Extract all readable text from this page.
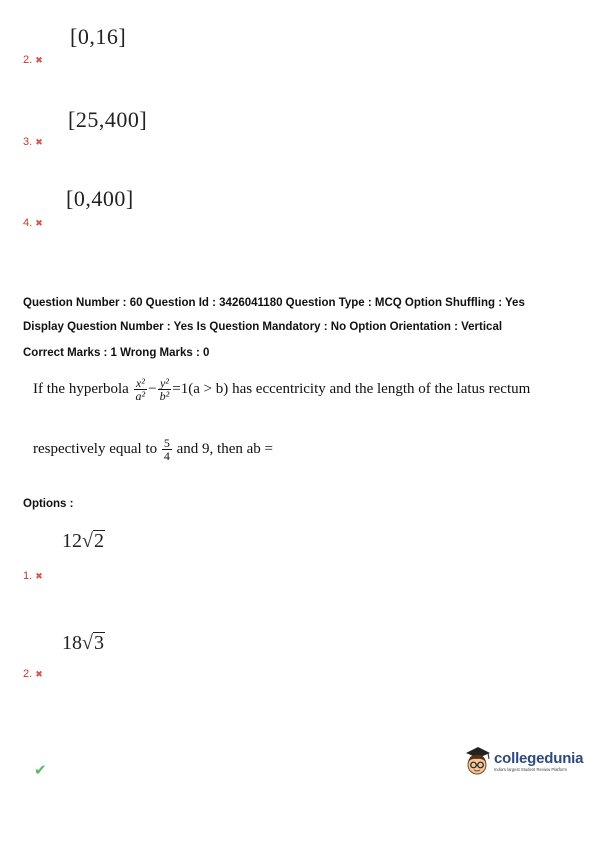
[0,16]
2. ✖
[25,400]
3. ✖
[0,400]
4. ✖
Question Number : 60 Question Id : 3426041180 Question Type : MCQ Option Shuffling : Yes
Display Question Number : Yes Is Question Mandatory : No Option Orientation : Vertical
Correct Marks : 1 Wrong Marks : 0
If the hyperbola $\frac{\text{x²}}{\text{a²}} - \frac{\text{y²}}{\text{b²}} =1(a > b)$ has eccentricity and the length of the latus rectum
respectively equal to $\frac{5}{4}$ and 9, then ab =
Options :
12√2
1. ✖
18√3
2. ✖
✔
collegedunia
India's largest Student Review Platform
